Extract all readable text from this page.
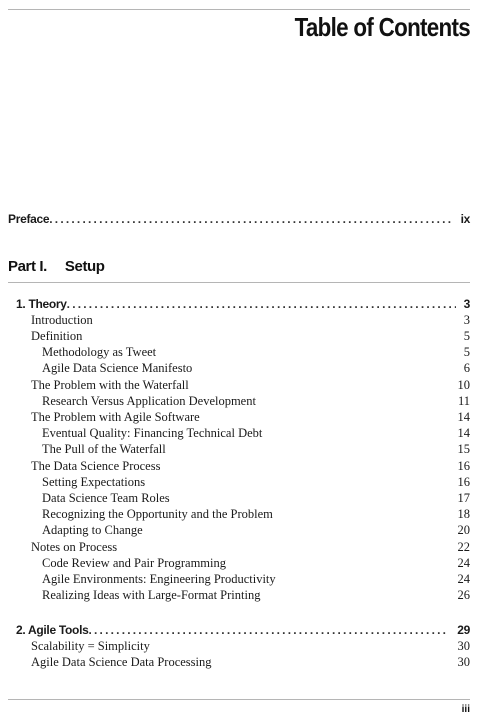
Table of Contents
Preface .....	ix
Part I. Setup
1. Theory .....	3
Introduction	3
Definition	5
Methodology as Tweet	5
Agile Data Science Manifesto	6
The Problem with the Waterfall	10
Research Versus Application Development	11
The Problem with Agile Software	14
Eventual Quality: Financing Technical Debt	14
The Pull of the Waterfall	15
The Data Science Process	16
Setting Expectations	16
Data Science Team Roles	17
Recognizing the Opportunity and the Problem	18
Adapting to Change	20
Notes on Process	22
Code Review and Pair Programming	24
Agile Environments: Engineering Productivity	24
Realizing Ideas with Large-Format Printing	26
2. Agile Tools .....	29
Scalability = Simplicity	30
Agile Data Science Data Processing	30
iii
